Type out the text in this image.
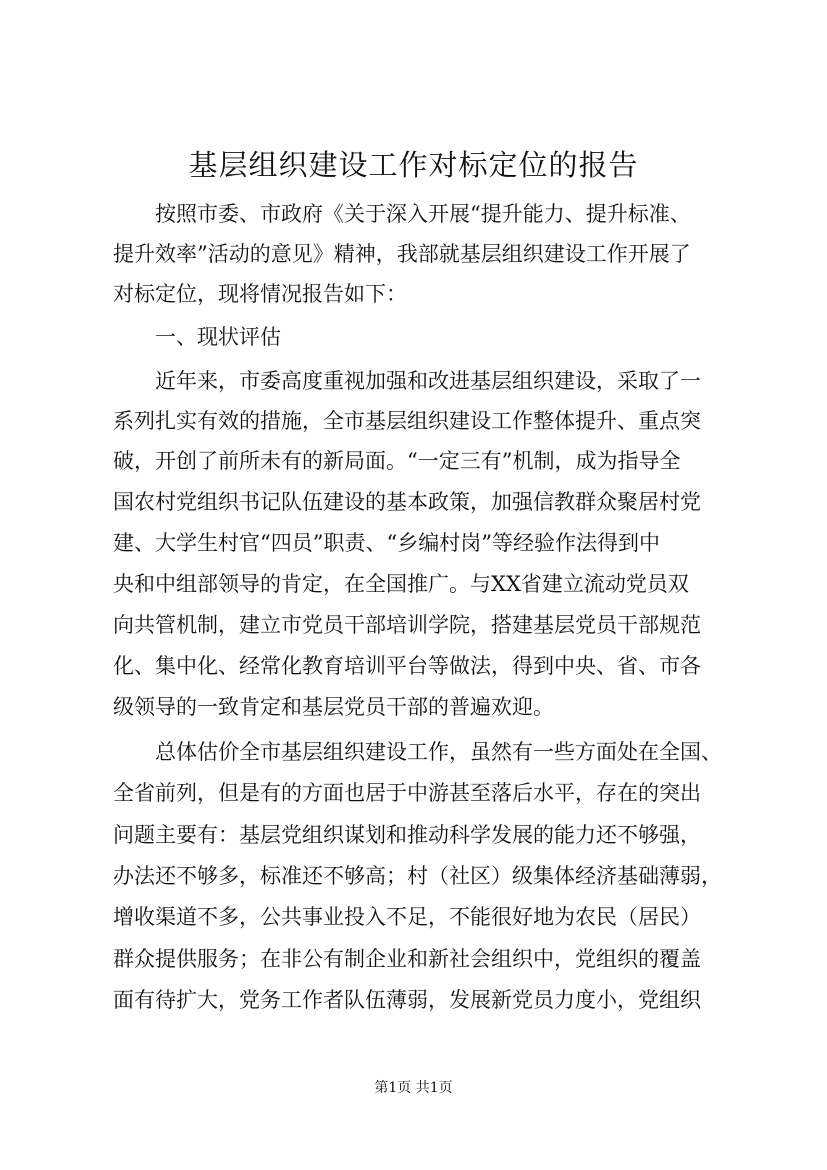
基层组织建设工作对标定位的报告

　　按照市委、市政府《关于深入开展“提升能力、提升标准、

提升效率”活动的意见》精神，我部就基层组织建设工作开展了

对标定位，现将情况报告如下：

　　一、现状评估

　　近年来，市委高度重视加强和改进基层组织建设，采取了一

系列扎实有效的措施，全市基层组织建设工作整体提升、重点突

破，开创了前所未有的新局面。“一定三有”机制，成为指导全

国农村党组织书记队伍建设的基本政策，加强信教群众聚居村党

建、大学生村官“四员”职责、“乡编村岗”等经验作法得到中

央和中组部领导的肯定，在全国推广。与XX省建立流动党员双

向共管机制，建立市党员干部培训学院，搭建基层党员干部规范

化、集中化、经常化教育培训平台等做法，得到中央、省、市各

级领导的一致肯定和基层党员干部的普遍欢迎。

　　总体估价全市基层组织建设工作，虽然有一些方面处在全国、

全省前列，但是有的方面也居于中游甚至落后水平，存在的突出

问题主要有：基层党组织谋划和推动科学发展的能力还不够强，

办法还不够多，标准还不够高；村（社区）级集体经济基础薄弱，

增收渠道不多，公共事业投入不足，不能很好地为农民（居民）

群众提供服务；在非公有制企业和新社会组织中，党组织的覆盖

面有待扩大，党务工作者队伍薄弱，发展新党员力度小，党组织

第1页 共1页
